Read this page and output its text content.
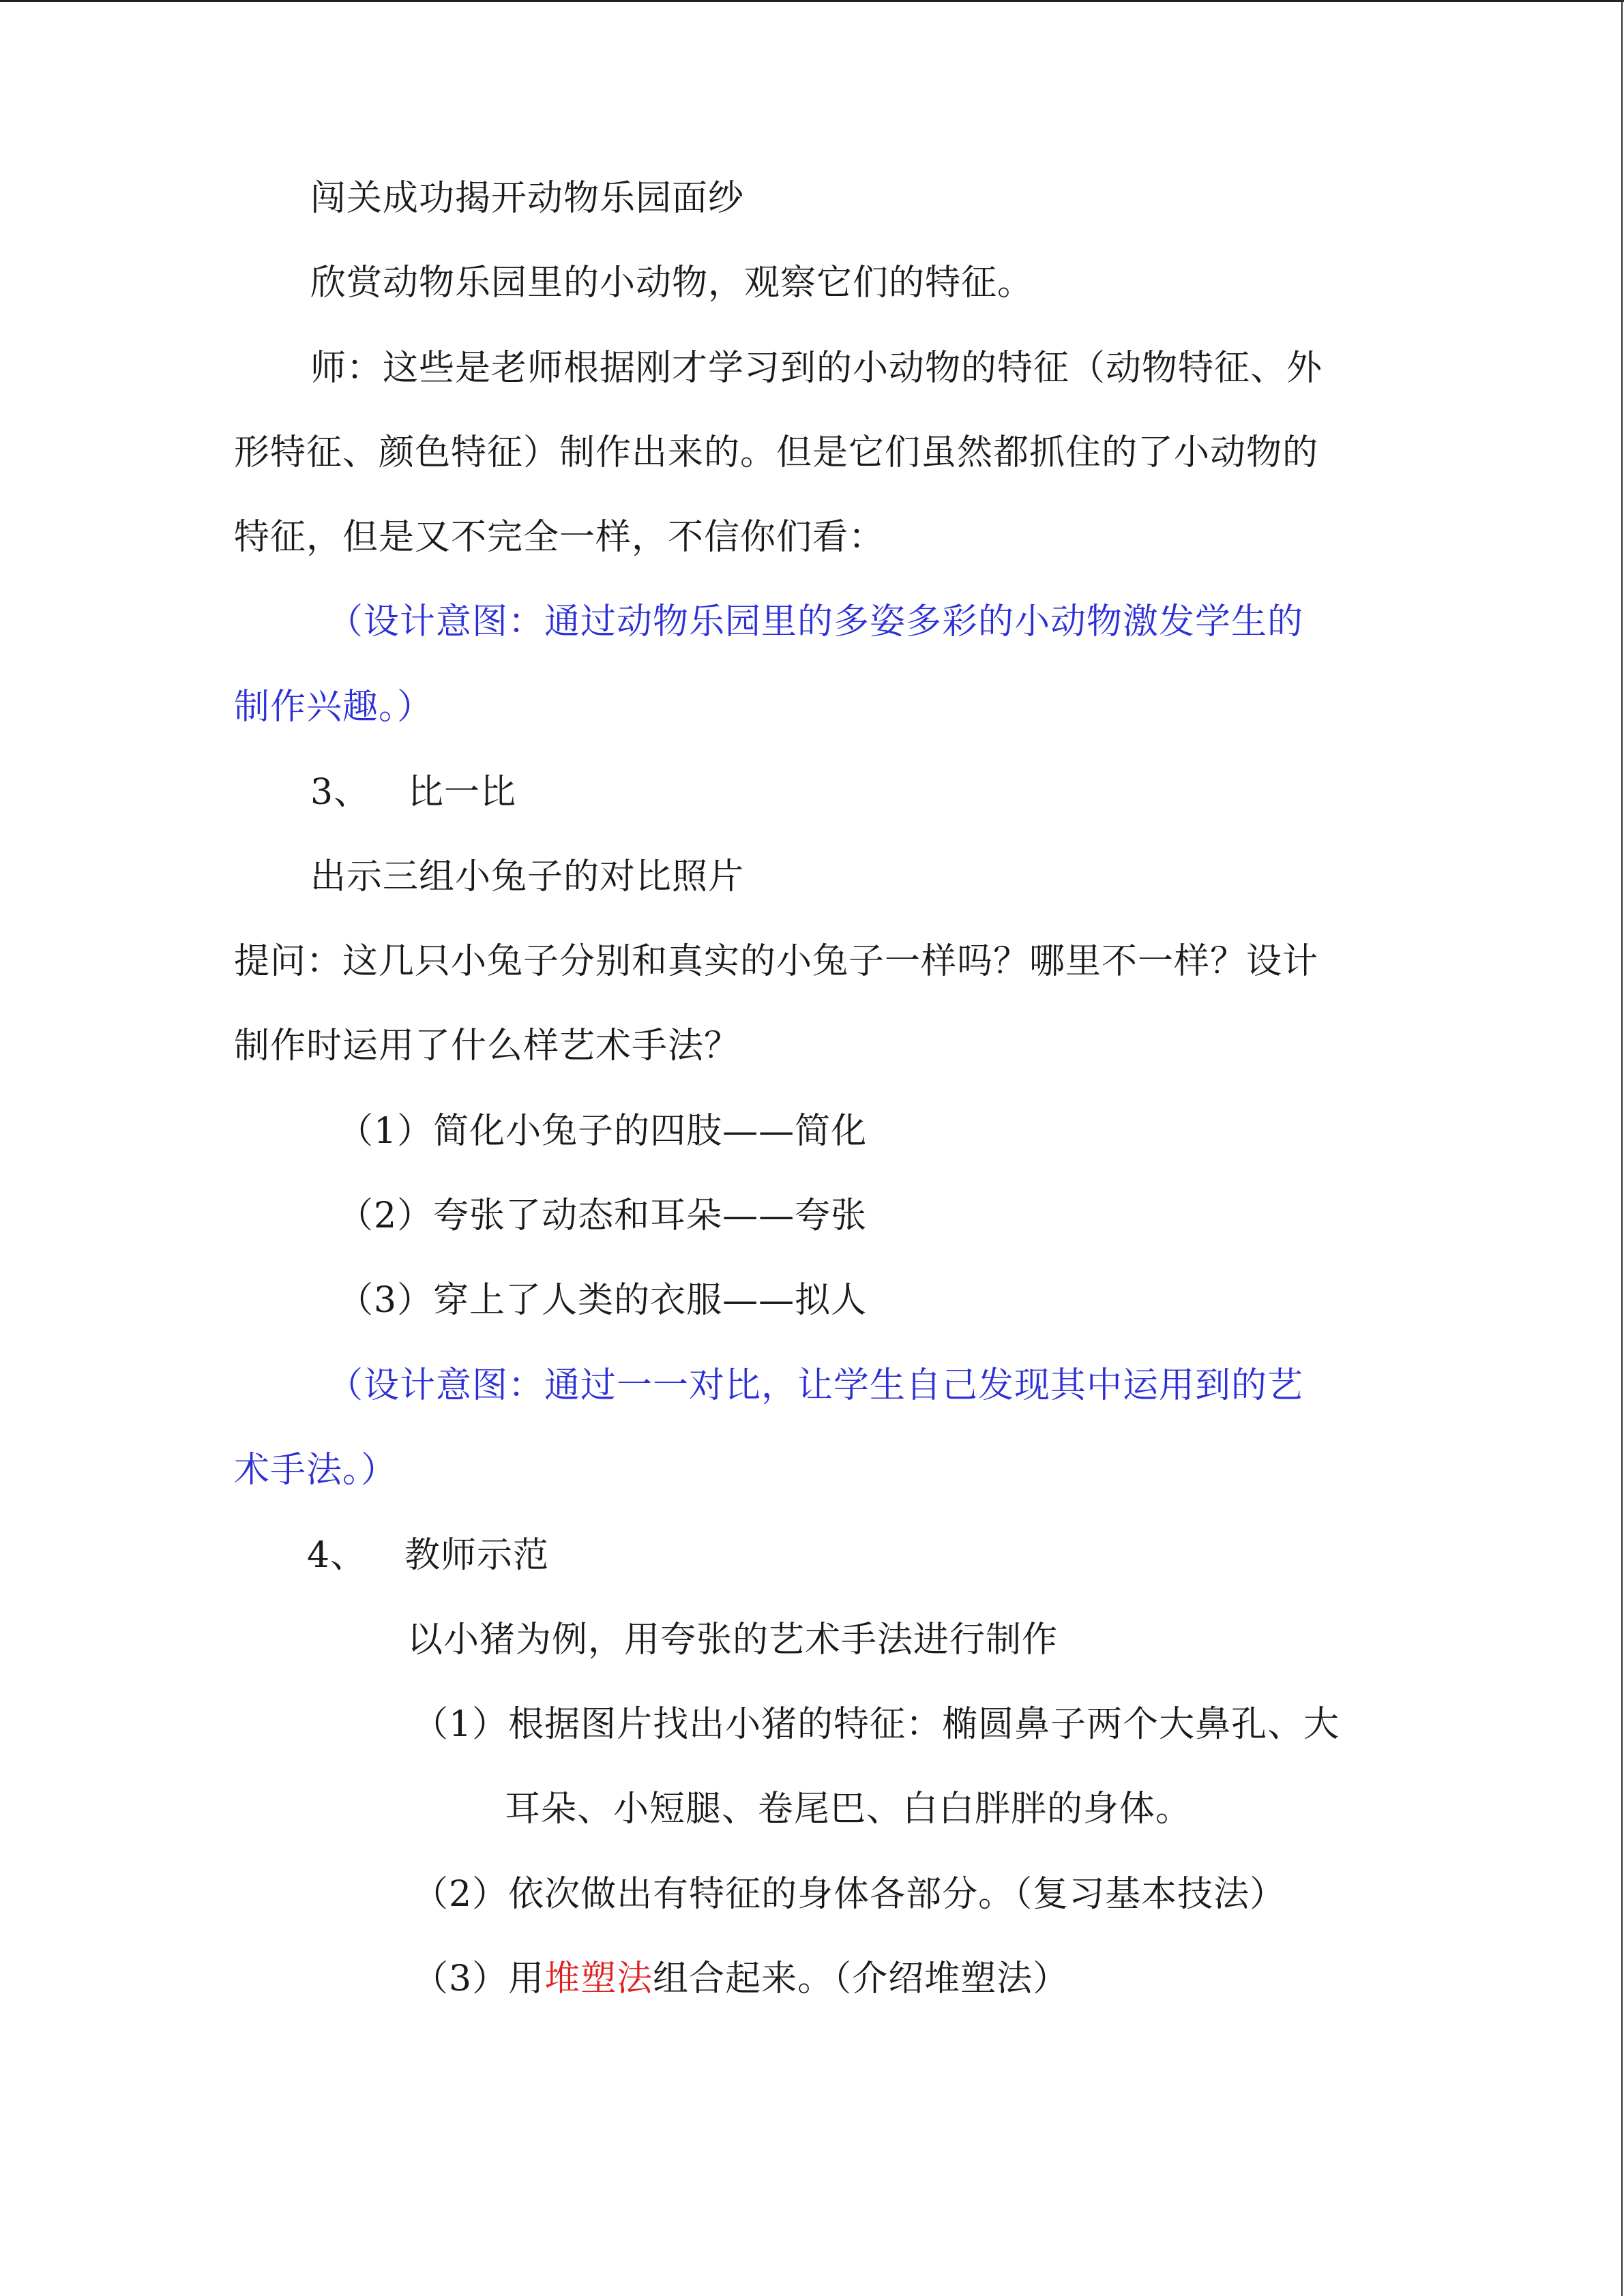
闯关成功揭开动物乐园面纱
欣赏动物乐园里的小动物，观察它们的特征。
师：这些是老师根据刚才学习到的小动物的特征（动物特征、外
形特征、颜色特征）制作出来的。但是它们虽然都抓住的了小动物的
特征，但是又不完全一样，不信你们看：
（设计意图：通过动物乐园里的多姿多彩的小动物激发学生的
制作兴趣。）
3、 比一比
出示三组小兔子的对比照片
提问：这几只小兔子分别和真实的小兔子一样吗？哪里不一样？设计
制作时运用了什么样艺术手法？
（1）简化小兔子的四肢——简化
（2）夸张了动态和耳朵——夸张
（3）穿上了人类的衣服——拟人
（设计意图：通过一一对比，让学生自己发现其中运用到的艺
术手法。）
4、 教师示范
以小猪为例，用夸张的艺术手法进行制作
（1）根据图片找出小猪的特征：椭圆鼻子两个大鼻孔、大
耳朵、小短腿、卷尾巴、白白胖胖的身体。
（2）依次做出有特征的身体各部分。（复习基本技法）
（3）用堆塑法组合起来。（介绍堆塑法）
